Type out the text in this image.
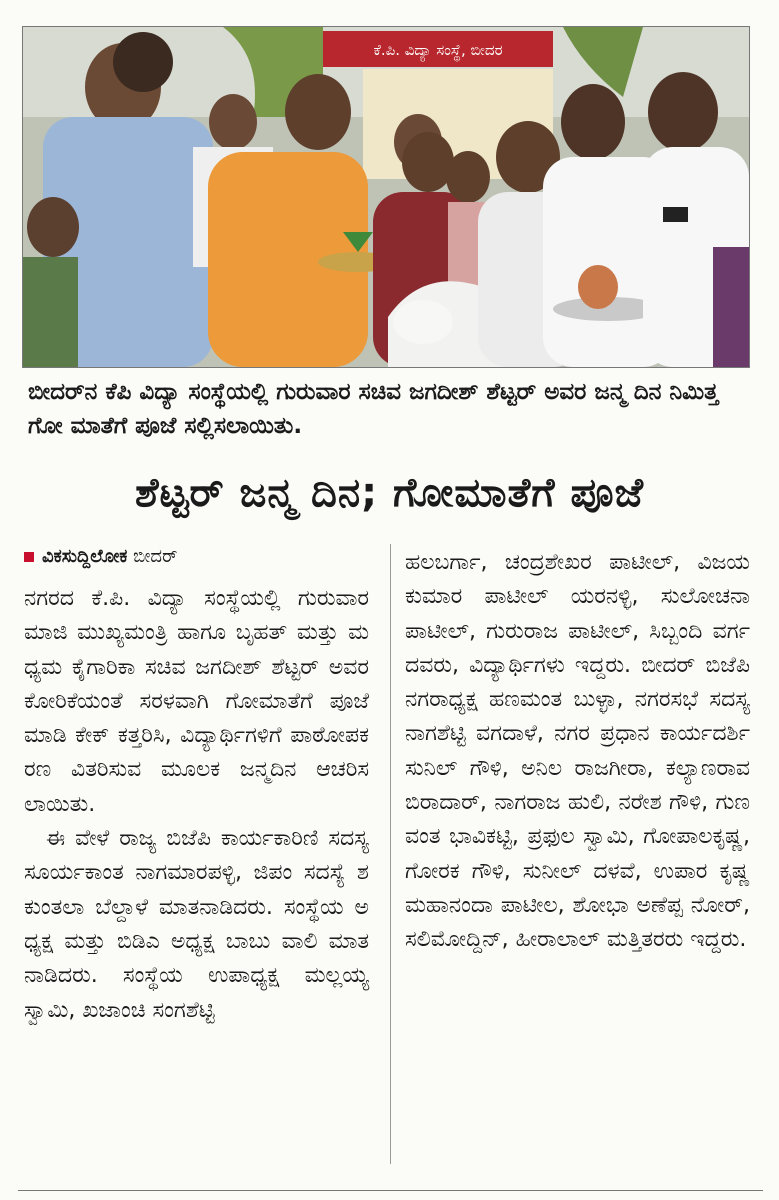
ಕೆ.ಪಿ. ವಿದ್ಯಾ ಸಂಸ್ಥೆ, ಬೀದರ

ಬೀದರ್‌ನ ಕೆಪಿ ವಿದ್ಯಾ ಸಂಸ್ಥೆಯಲ್ಲಿ ಗುರುವಾರ ಸಚಿವ ಜಗದೀಶ್ ಶೆಟ್ಟರ್ ಅವರ ಜನ್ಮ ದಿನ ನಿಮಿತ್ತ ಗೋ ಮಾತೆಗೆ ಪೂಜೆ ಸಲ್ಲಿಸಲಾಯಿತು.

ಶೆಟ್ಟರ್ ಜನ್ಮ ದಿನ; ಗೋಮಾತೆಗೆ ಪೂಜೆ

ವಿಕಸುದ್ದಿಲೋಕ ಬೀದರ್

ನಗರದ ಕೆ.ಪಿ. ವಿದ್ಯಾ ಸಂಸ್ಥೆಯಲ್ಲಿ ಗುರುವಾರ ಮಾಜಿ ಮುಖ್ಯಮಂತ್ರಿ ಹಾಗೂ ಬೃಹತ್ ಮತ್ತು ಮಧ್ಯಮ ಕೈಗಾರಿಕಾ ಸಚಿವ ಜಗದೀಶ್ ಶೆಟ್ಟರ್ ಅವರ ಕೋರಿಕೆಯಂತೆ ಸರಳವಾಗಿ ಗೋಮಾತೆಗೆ ಪೂಜೆ ಮಾಡಿ ಕೇಕ್ ಕತ್ತರಿಸಿ, ವಿದ್ಯಾರ್ಥಿಗಳಿಗೆ ಪಾಠೋಪಕರಣ ವಿತರಿಸುವ ಮೂಲಕ ಜನ್ಮದಿನ ಆಚರಿಸಲಾಯಿತು.

ಈ ವೇಳೆ ರಾಜ್ಯ ಬಿಜೆಪಿ ಕಾರ್ಯಕಾರಿಣಿ ಸದಸ್ಯ ಸೂರ್ಯಕಾಂತ ನಾಗಮಾರಪಳ್ಳಿ, ಜಿಪಂ ಸದಸ್ಯೆ ಶಕುಂತಲಾ ಬೆಲ್ದಾಳೆ ಮಾತನಾಡಿದರು. ಸಂಸ್ಥೆಯ ಅಧ್ಯಕ್ಷ ಮತ್ತು ಬಿಡಿಎ ಅಧ್ಯಕ್ಷ ಬಾಬು ವಾಲಿ ಮಾತನಾಡಿದರು. ಸಂಸ್ಥೆಯ ಉಪಾಧ್ಯಕ್ಷ ಮಲ್ಲಯ್ಯ ಸ್ವಾಮಿ, ಖಜಾಂಚಿ ಸಂಗಶೆಟ್ಟಿ

ಹಲಬರ್ಗಾ, ಚಂದ್ರಶೇಖರ ಪಾಟೀಲ್, ವಿಜಯಕುಮಾರ ಪಾಟೀಲ್ ಯರನಳ್ಳಿ, ಸುಲೋಚನಾ ಪಾಟೀಲ್, ಗುರುರಾಜ ಪಾಟೀಲ್, ಸಿಬ್ಬಂದಿ ವರ್ಗದವರು, ವಿದ್ಯಾರ್ಥಿಗಳು ಇದ್ದರು. ಬೀದರ್ ಬಿಜೆಪಿ ನಗರಾಧ್ಯಕ್ಷ ಹಣಮಂತ ಬುಳ್ಳಾ, ನಗರಸಭೆ ಸದಸ್ಯ ನಾಗಶೆಟ್ಟಿ ವಗದಾಳೆ, ನಗರ ಪ್ರಧಾನ ಕಾರ್ಯದರ್ಶಿ ಸುನಿಲ್ ಗೌಳಿ, ಅನಿಲ ರಾಜಗೀರಾ, ಕಲ್ಯಾಣರಾವ ಬಿರಾದಾರ್, ನಾಗರಾಜ ಹುಲಿ, ನರೇಶ ಗೌಳಿ, ಗುಣವಂತ ಭಾವಿಕಟ್ಟಿ, ಪ್ರಫುಲ ಸ್ವಾಮಿ, ಗೋಪಾಲಕೃಷ್ಣ, ಗೋರಕ ಗೌಳಿ, ಸುನೀಲ್ ದಳವೆ, ಉಪಾರ ಕೃಷ್ಣ ಮಹಾನಂದಾ ಪಾಟೀಲ, ಶೋಭಾ ಅಣೆಪ್ಪ ನೋರ್, ಸಲಿಮೋದ್ದಿನ್, ಹೀರಾಲಾಲ್ ಮತ್ತಿತರರು ಇದ್ದರು.
